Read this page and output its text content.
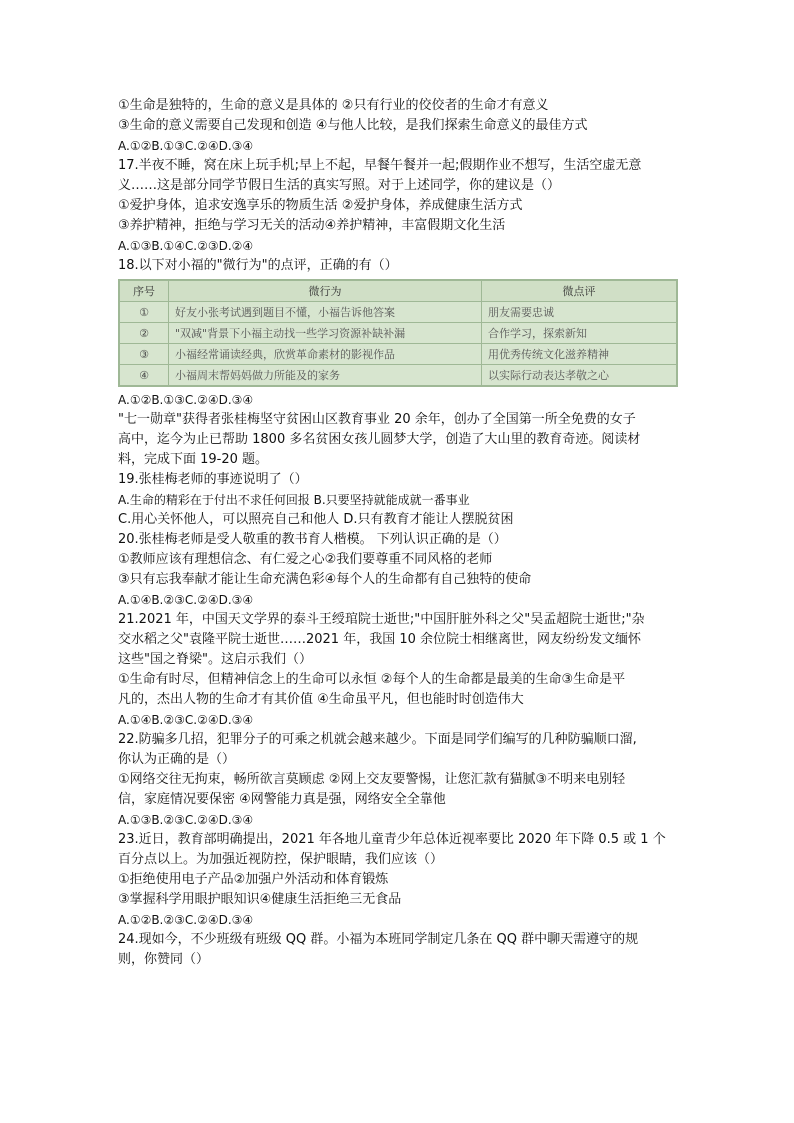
①生命是独特的，生命的意义是具体的 ②只有行业的佼佼者的生命才有意义
③生命的意义需要自己发现和创造 ④与他人比较，是我们探索生命意义的最佳方式
A.①②B.①③C.②④D.③④
17.半夜不睡，窝在床上玩手机;早上不起，早餐午餐并一起;假期作业不想写，生活空虚无意
义……这是部分同学节假日生活的真实写照。对于上述同学，你的建议是（）
①爱护身体，追求安逸享乐的物质生活 ②爱护身体，养成健康生活方式
③养护精神，拒绝与学习无关的活动④养护精神，丰富假期文化生活
A.①③B.①④C.②③D.②④
18.以下对小福的"微行为"的点评，正确的有（）
序号	微行为	微点评
①	好友小张考试遇到题目不懂，小福告诉他答案	朋友需要忠诚
②	"双减"背景下小福主动找一些学习资源补缺补漏	合作学习，探索新知
③	小福经常诵读经典，欣赏革命素材的影视作品	用优秀传统文化滋养精神
④	小福周末帮妈妈做力所能及的家务	以实际行动表达孝敬之心
A.①②B.①③C.②④D.③④
"七一勋章"获得者张桂梅坚守贫困山区教育事业 20 余年，创办了全国第一所全免费的女子
高中，迄今为止已帮助 1800 多名贫困女孩儿圆梦大学，创造了大山里的教育奇迹。阅读材
料，完成下面 19-20 题。
19.张桂梅老师的事迹说明了（）
A.生命的精彩在于付出不求任何回报 B.只要坚持就能成就一番事业
C.用心关怀他人，可以照亮自己和他人 D.只有教育才能让人摆脱贫困
20.张桂梅老师是受人敬重的教书育人楷模。 下列认识正确的是（）
①教师应该有理想信念、有仁爱之心②我们要尊重不同风格的老师
③只有忘我奉献才能让生命充满色彩④每个人的生命都有自己独特的使命
A.①④B.②③C.②④D.③④
21.2021 年，中国天文学界的泰斗王绶琯院士逝世;"中国肝脏外科之父"吴孟超院士逝世;"杂
交水稻之父"袁隆平院士逝世……2021 年，我国 10 余位院士相继离世，网友纷纷发文缅怀
这些"国之脊梁"。这启示我们（）
①生命有时尽，但精神信念上的生命可以永恒 ②每个人的生命都是最美的生命③生命是平
凡的，杰出人物的生命才有其价值 ④生命虽平凡，但也能时时创造伟大
A.①④B.②③C.②④D.③④
22.防骗多几招，犯罪分子的可乘之机就会越来越少。下面是同学们编写的几种防骗顺口溜,
你认为正确的是（）
①网络交往无拘束，畅所欲言莫顾虑 ②网上交友要警惕，让您汇款有猫腻③不明来电别轻
信，家庭情况要保密 ④网警能力真是强，网络安全全靠他
A.①③B.②③C.②④D.③④
23.近日，教育部明确提出，2021 年各地儿童青少年总体近视率要比 2020 年下降 0.5 或 1 个
百分点以上。为加强近视防控，保护眼睛，我们应该（）
①拒绝使用电子产品②加强户外活动和体育锻炼
③掌握科学用眼护眼知识④健康生活拒绝三无食品
A.①②B.②③C.②④D.③④
24.现如今，不少班级有班级 QQ 群。小福为本班同学制定几条在 QQ 群中聊天需遵守的规
则，你赞同（）
